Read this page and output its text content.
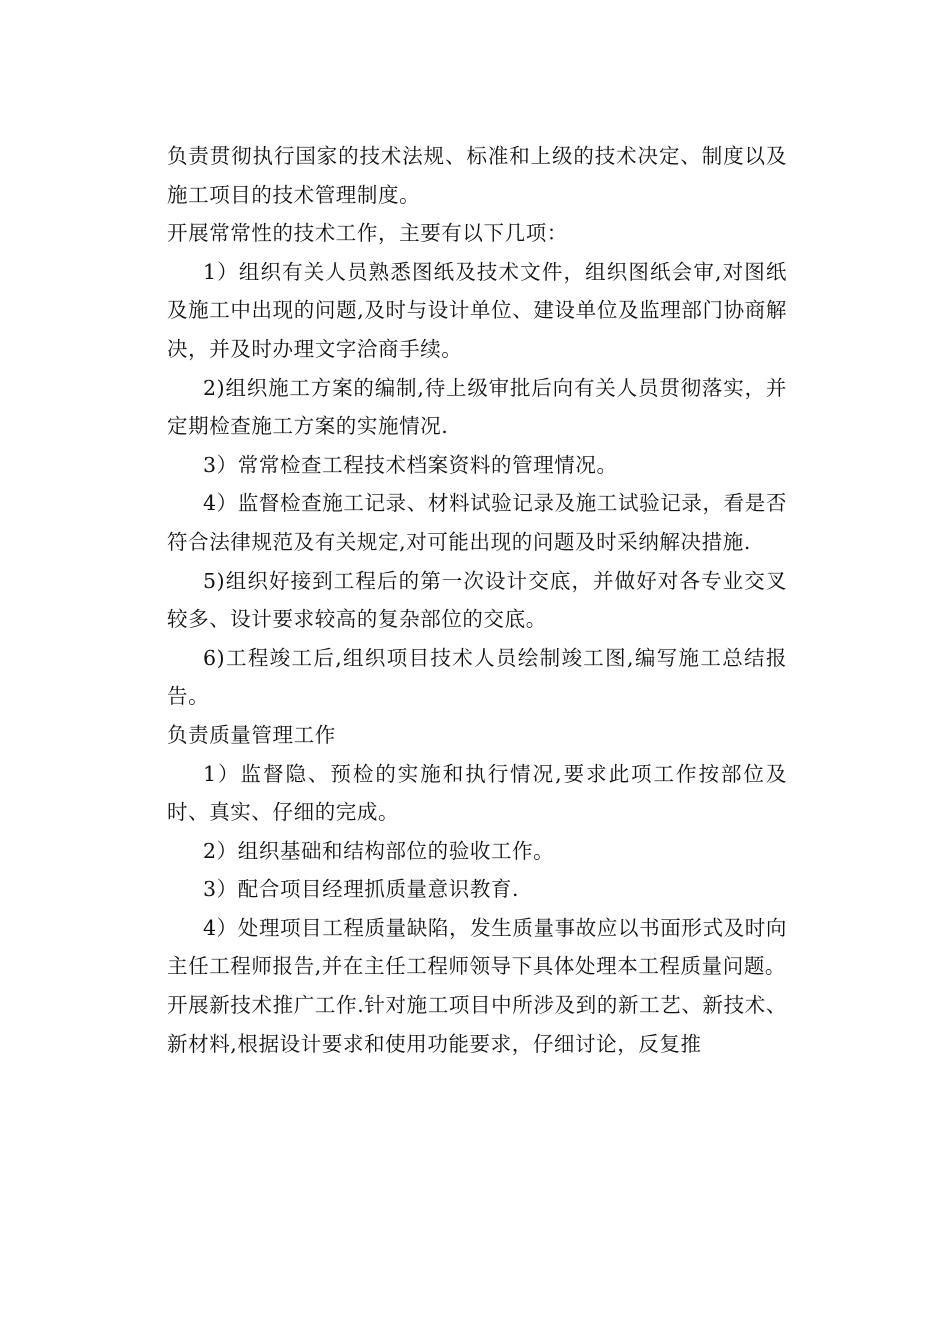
负责贯彻执行国家的技术法规、标准和上级的技术决定、制度以及施工项目的技术管理制度。

开展常常性的技术工作，主要有以下几项：

1）组织有关人员熟悉图纸及技术文件，组织图纸会审,对图纸及施工中出现的问题,及时与设计单位、建设单位及监理部门协商解决，并及时办理文字洽商手续。

2)组织施工方案的编制,待上级审批后向有关人员贯彻落实，并定期检查施工方案的实施情况.

3）常常检查工程技术档案资料的管理情况。

4）监督检查施工记录、材料试验记录及施工试验记录，看是否符合法律规范及有关规定,对可能出现的问题及时采纳解决措施.

5)组织好接到工程后的第一次设计交底，并做好对各专业交叉较多、设计要求较高的复杂部位的交底。

6)工程竣工后,组织项目技术人员绘制竣工图,编写施工总结报告。

负责质量管理工作

1）监督隐、预检的实施和执行情况,要求此项工作按部位及时、真实、仔细的完成。

2）组织基础和结构部位的验收工作。

3）配合项目经理抓质量意识教育.

4）处理项目工程质量缺陷，发生质量事故应以书面形式及时向主任工程师报告,并在主任工程师领导下具体处理本工程质量问题。

开展新技术推广工作.针对施工项目中所涉及到的新工艺、新技术、新材料,根据设计要求和使用功能要求，仔细讨论，反复推
